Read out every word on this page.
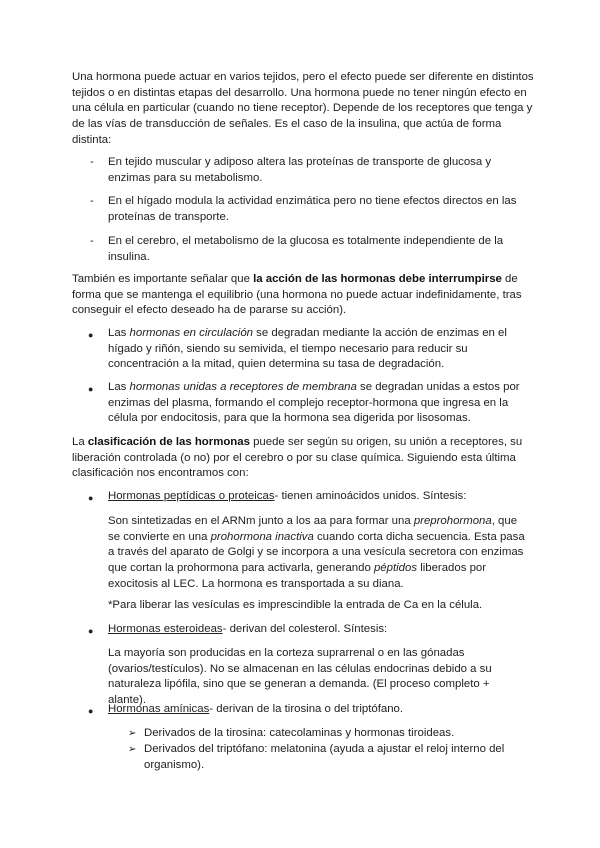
Una hormona puede actuar en varios tejidos, pero el efecto puede ser diferente en distintos tejidos o en distintas etapas del desarrollo. Una hormona puede no tener ningún efecto en una célula en particular (cuando no tiene receptor). Depende de los receptores que tenga y de las vías de transducción de señales. Es el caso de la insulina, que actúa de forma distinta:

- En tejido muscular y adiposo altera las proteínas de transporte de glucosa y enzimas para su metabolismo.

- En el hígado modula la actividad enzimática pero no tiene efectos directos en las proteínas de transporte.

- En el cerebro, el metabolismo de la glucosa es totalmente independiente de la insulina.

También es importante señalar que la acción de las hormonas debe interrumpirse de forma que se mantenga el equilibrio (una hormona no puede actuar indefinidamente, tras conseguir el efecto deseado ha de pararse su acción).

● Las hormonas en circulación se degradan mediante la acción de enzimas en el hígado y riñón, siendo su semivida, el tiempo necesario para reducir su concentración a la mitad, quien determina su tasa de degradación.

● Las hormonas unidas a receptores de membrana se degradan unidas a estos por enzimas del plasma, formando el complejo receptor-hormona que ingresa en la célula por endocitosis, para que la hormona sea digerida por lisosomas.

La clasificación de las hormonas puede ser según su origen, su unión a receptores, su liberación controlada (o no) por el cerebro o por su clase química. Siguiendo esta última clasificación nos encontramos con:

● Hormonas peptídicas o proteicas- tienen aminoácidos unidos. Síntesis:

Son sintetizadas en el ARNm junto a los aa para formar una preprohormona, que se convierte en una prohormona inactiva cuando corta dicha secuencia. Esta pasa a través del aparato de Golgi y se incorpora a una vesícula secretora con enzimas que cortan la prohormona para activarla, generando péptidos liberados por exocitosis al LEC. La hormona es transportada a su diana.

*Para liberar las vesículas es imprescindible la entrada de Ca en la célula.

● Hormonas esteroideas- derivan del colesterol. Síntesis:

La mayoría son producidas en la corteza suprarrenal o en las gónadas (ovarios/testículos). No se almacenan en las células endocrinas debido a su naturaleza lipófila, sino que se generan a demanda. (El proceso completo + alante).

● Hormonas amínicas- derivan de la tirosina o del triptófano.

➢ Derivados de la tirosina: catecolaminas y hormonas tiroideas.

➢ Derivados del triptófano: melatonina (ayuda a ajustar el reloj interno del organismo).
